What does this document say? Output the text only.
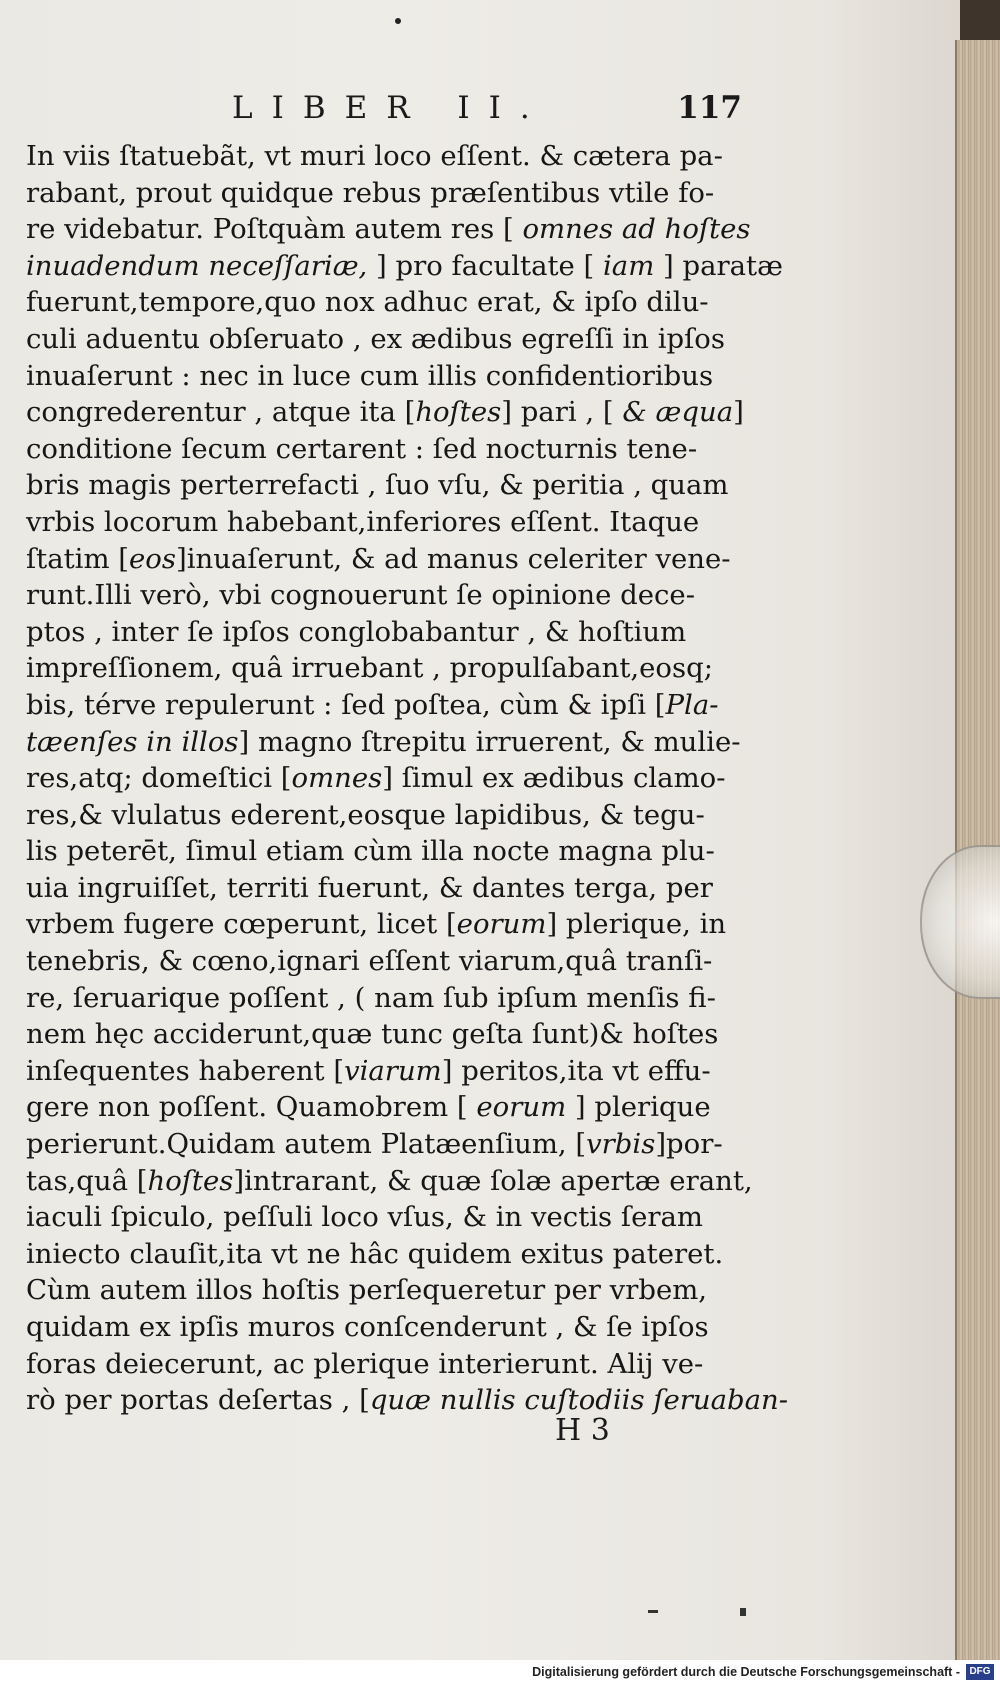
LIBER II.	117
In viis ſtatuebãt, vt muri loco eſſent. & cætera pa-
rabant, prout quidque rebus præſentibus vtile fo-
re videbatur. Poſtquàm autem res [ omnes ad hoſtes
inuadendum neceſſariæ, ] pro facultate [ iam ] paratæ
fuerunt,tempore,quo nox adhuc erat, & ipſo dilu-
culi aduentu obſeruato , ex ædibus egreſſi in ipſos
inuaſerunt : nec in luce cum illis confidentioribus
congrederentur , atque ita [hoſtes] pari , [ & æqua]
conditione ſecum certarent : ſed nocturnis tene-
bris magis perterrefacti , ſuo vſu, & peritia , quam
vrbis locorum habebant,inferiores eſſent. Itaque
ſtatim [eos]inuaſerunt, & ad manus celeriter vene-
runt.Illi verò, vbi cognouerunt ſe opinione dece-
ptos , inter ſe ipſos conglobabantur , & hoſtium
impreſſionem, quâ irruebant , propulſabant,eosq;
bis, térve repulerunt : ſed poſtea, cùm & ipſi [Pla-
tæenſes in illos] magno ſtrepitu irruerent, & mulie-
res,atq; domeſtici [omnes] ſimul ex ædibus clamo-
res,& vlulatus ederent,eosque lapidibus, & tegu-
lis peterēt, ſimul etiam cùm illa nocte magna plu-
uia ingruiſſet, territi fuerunt, & dantes terga, per
vrbem fugere cœperunt, licet [eorum] plerique, in
tenebris, & cœno,ignari eſſent viarum,quâ tranſi-
re, ſeruarique poſſent , ( nam ſub ipſum menſis fi-
nem hęc acciderunt,quæ tunc geſta ſunt)& hoſtes
inſequentes haberent [viarum] peritos,ita vt effu-
gere non poſſent. Quamobrem [ eorum ] plerique
perierunt.Quidam autem Platæenſium, [vrbis]por-
tas,quâ [hoſtes]intrarant, & quæ ſolæ apertæ erant,
iaculi ſpiculo, peſſuli loco vſus, & in vectis ſeram
iniecto clauſit,ita vt ne hâc quidem exitus pateret.
Cùm autem illos hoſtis perſequeretur per vrbem,
quidam ex ipſis muros conſcenderunt , & ſe ipſos
foras deiecerunt, ac plerique interierunt. Alij ve-
rò per portas deſertas , [quæ nullis cuſtodiis ſeruaban-
H 3
Digitalisierung gefördert durch die Deutsche Forschungsgemeinschaft - DFG
